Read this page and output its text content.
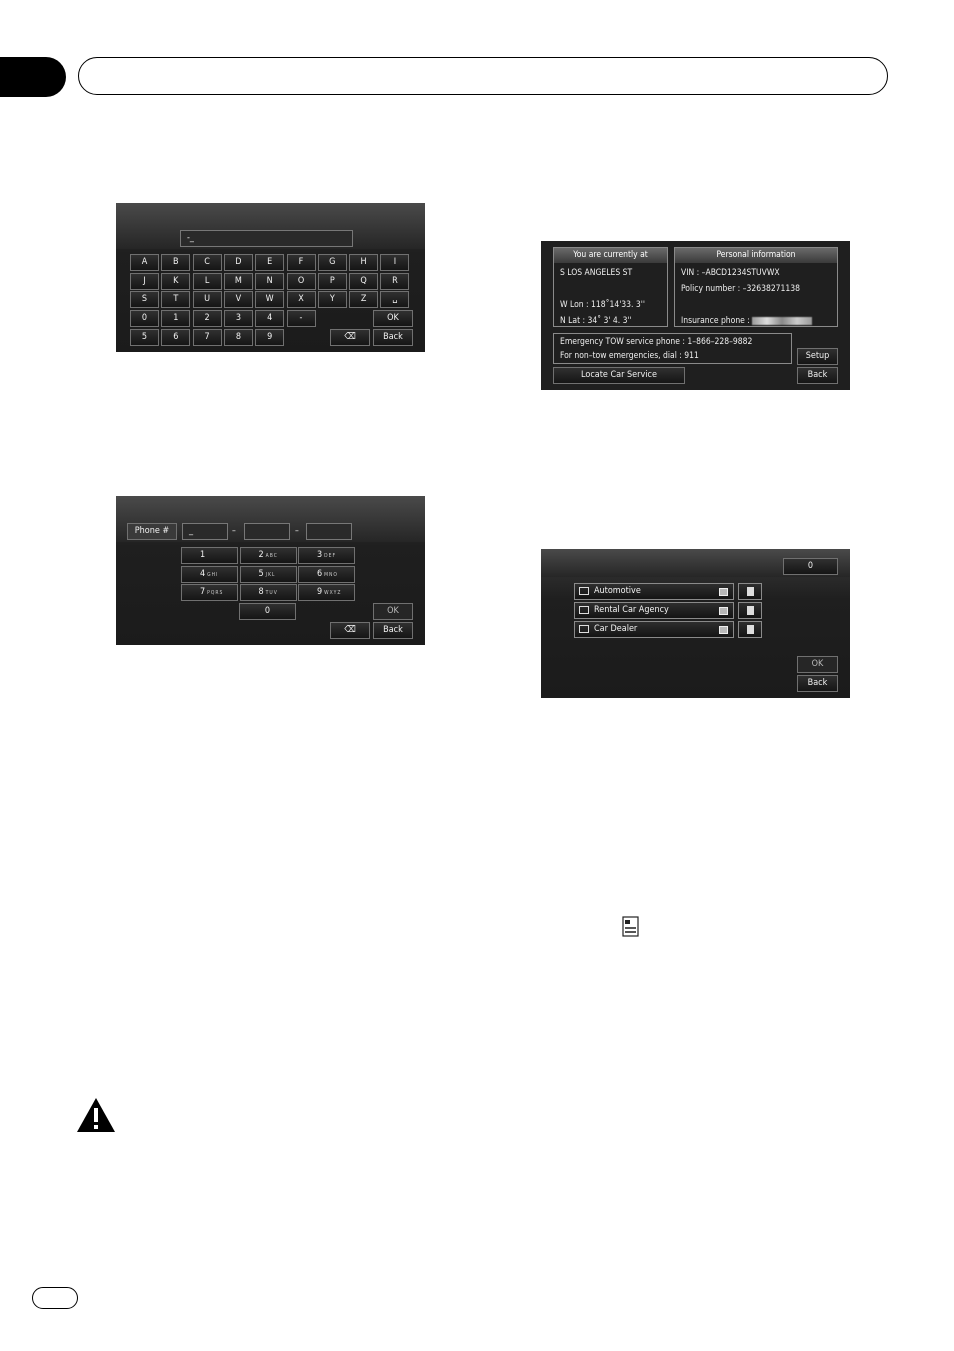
-_
A	B	C	D	E	F	G	H	I
J	K	L	M	N	O	P	Q	R
S	T	U	V	W	X	Y	Z	␣
0	1	2	3	4	-
5	6	7	8	9	⌫
OK
Back
Phone #	_	–	–
1	2 ABC	3 DEF
4 GHI	5 JKL	6 MNO
7 PQRS	8 TUV	9 WXYZ
0	OK
⌫	Back
You are currently at
S LOS ANGELES ST
W Lon : 118˚14'33. 3''
N Lat : 34˚ 3' 4. 3''
Personal information
VIN : –ABCD1234STUVWX
Policy number : –32638271138
Insurance phone :
Emergency TOW service phone : 1–866–228–9882
For non–tow emergencies, dial : 911	Setup
Locate Car Service	Back
0
Automotive
Rental Car Agency
Car Dealer
OK
Back
